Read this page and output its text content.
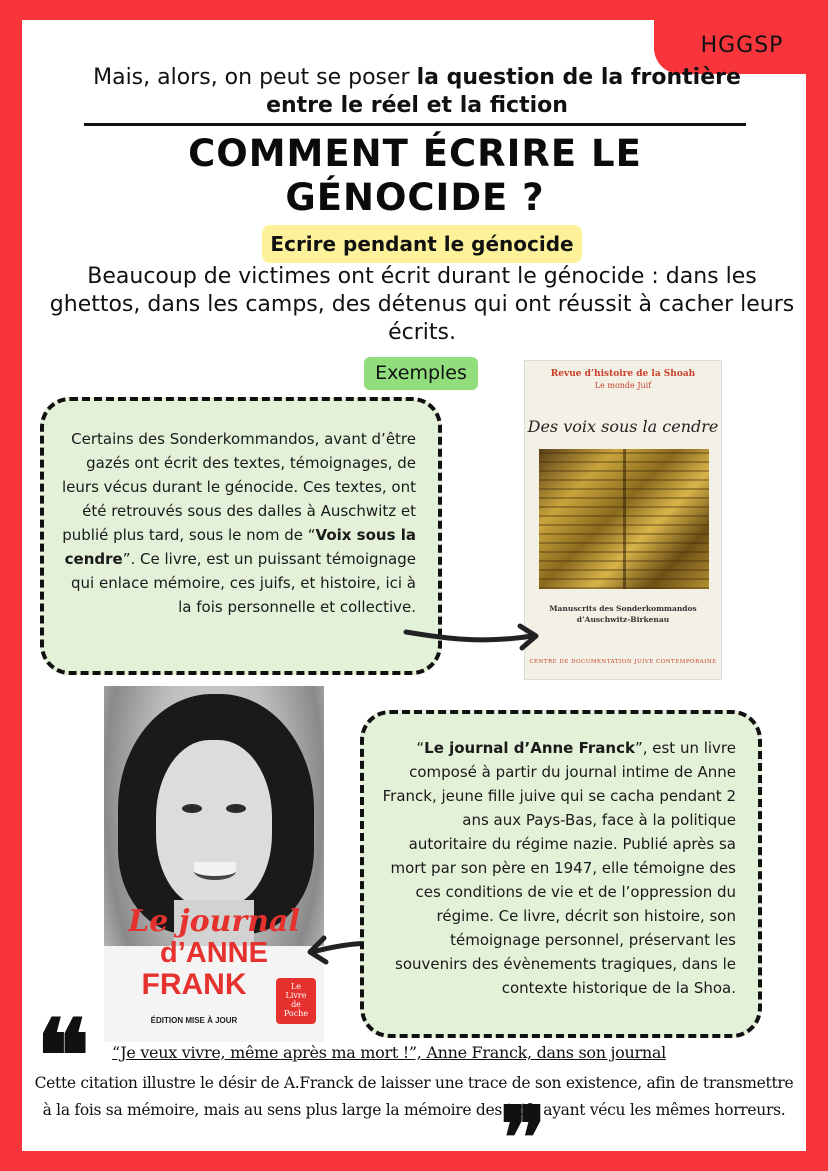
HGGSP
Mais, alors, on peut se poser la question de la frontière entre le réel et la fiction
COMMENT ÉCRIRE LE GÉNOCIDE ?
Ecrire pendant le génocide
Beaucoup de victimes ont écrit durant le génocide : dans les ghettos, dans les camps, des détenus qui ont réussit à cacher leurs écrits.
Exemples
Certains des Sonderkommandos, avant d’être gazés ont écrit des textes, témoignages, de leurs vécus durant le génocide. Ces textes, ont été retrouvés sous des dalles à Auschwitz et publié plus tard, sous le nom de “Voix sous la cendre”. Ce livre, est un puissant témoignage qui enlace mémoire, ces juifs, et histoire, ici à la fois personnelle et collective.
Revue d’histoire de la Shoah
Le monde Juif
Des voix sous la cendre
Manuscrits des Sonderkommandos d’Auschwitz-Birkenau
CENTRE DE DOCUMENTATION JUIVE CONTEMPORAINE
Le journal
d’ANNE
FRANK
ÉDITION MISE À JOUR
Le
Livre
de
Poche
“Le journal d’Anne Franck”, est un livre composé à partir du journal intime de Anne Franck, jeune fille juive qui se cacha pendant 2 ans aux Pays-Bas, face à la politique autoritaire du régime nazie. Publié après sa mort par son père en 1947, elle témoigne des ces conditions de vie et de l’oppression du régime. Ce livre, décrit son histoire, son témoignage personnel, préservant les souvenirs des évènements tragiques, dans le contexte historique de la Shoa.
❝ “Je veux vivre, même après ma mort !”, Anne Franck, dans son journal
Cette citation illustre le désir de A.Franck de laisser une trace de son existence, afin de transmettre à la fois sa mémoire, mais au sens plus large la mémoire des juifs ayant vécu les mêmes horreurs.
❞
